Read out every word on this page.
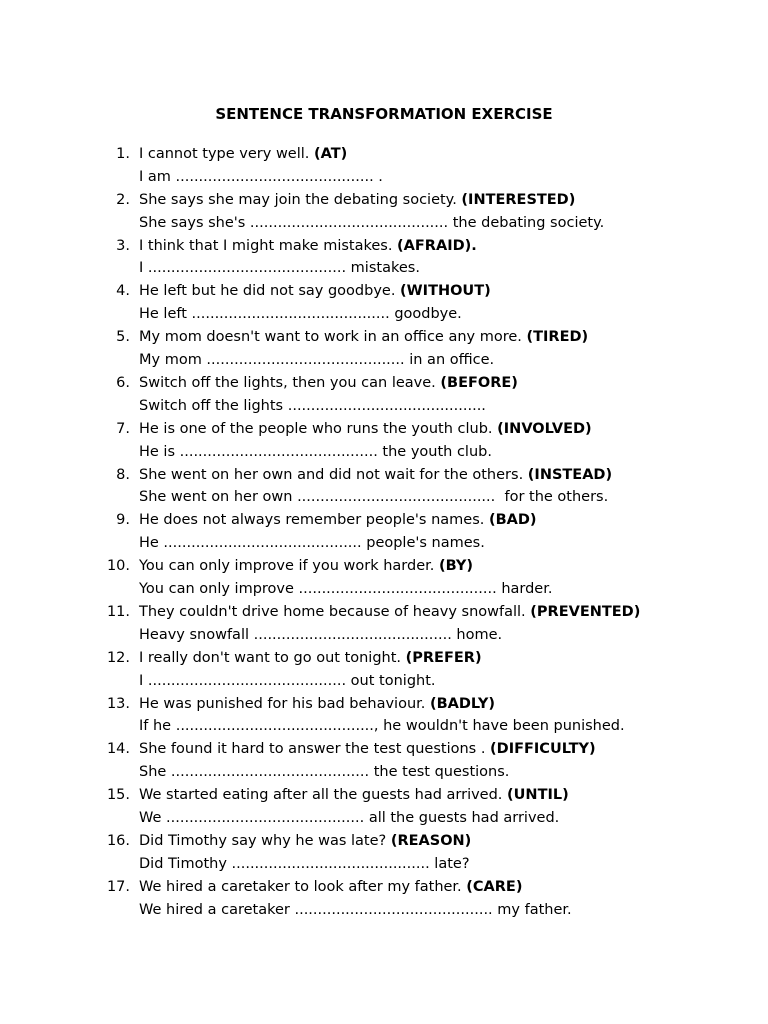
SENTENCE TRANSFORMATION EXERCISE
1. I cannot type very well. (AT)
I am ........................................... .
2. She says she may join the debating society. (INTERESTED)
She says she's ........................................... the debating society.
3. I think that I might make mistakes. (AFRAID).
I ........................................... mistakes.
4. He left but he did not say goodbye. (WITHOUT)
He left ........................................... goodbye.
5. My mom doesn't want to work in an office any more. (TIRED)
My mom ........................................... in an office.
6. Switch off the lights, then you can leave. (BEFORE)
Switch off the lights ...........................................
7. He is one of the people who runs the youth club. (INVOLVED)
He is ........................................... the youth club.
8. She went on her own and did not wait for the others. (INSTEAD)
She went on her own ...........................................  for the others.
9. He does not always remember people's names. (BAD)
He ........................................... people's names.
10. You can only improve if you work harder. (BY)
You can only improve ........................................... harder.
11. They couldn't drive home because of heavy snowfall. (PREVENTED)
Heavy snowfall ........................................... home.
12. I really don't want to go out tonight. (PREFER)
I ........................................... out tonight.
13. He was punished for his bad behaviour. (BADLY)
If he ..........................................., he wouldn't have been punished.
14. She found it hard to answer the test questions . (DIFFICULTY)
She ........................................... the test questions.
15. We started eating after all the guests had arrived. (UNTIL)
We ........................................... all the guests had arrived.
16. Did Timothy say why he was late? (REASON)
Did Timothy ........................................... late?
17. We hired a caretaker to look after my father. (CARE)
We hired a caretaker ........................................... my father.
